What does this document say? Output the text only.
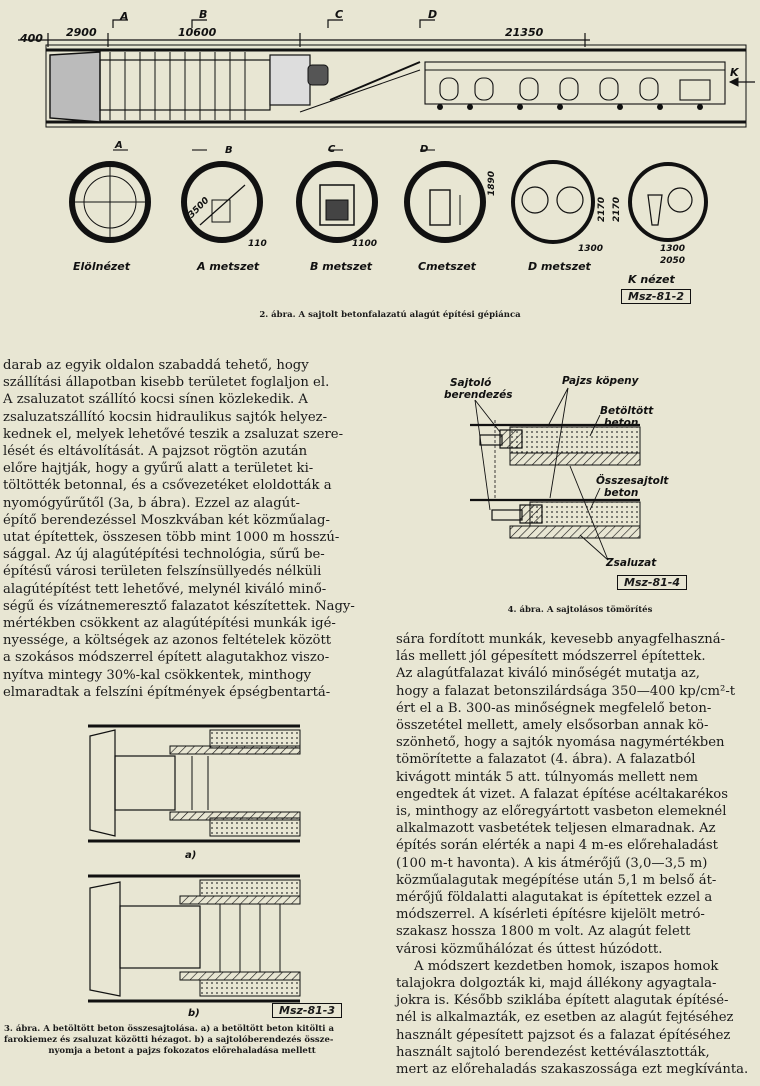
400 2900	10600	21350
A	B	C	D
K
A	B	C	D
3500
110	1100
1890
2170 2170
1300	1300
2050
Elölnézet	A metszet	B metszet	Cmetszet	D metszet
K nézet
Msz-81-2
2. ábra. A sajtolt betonfalazatú alagút építési gépiánca
darab az egyik oldalon szabaddá tehető, hogy
szállítási állapotban kisebb területet foglaljon el.
A zsaluzatot szállító kocsi sínen közlekedik. A
zsaluzatszállító kocsin hidraulikus sajtók helyez-
kednek el, melyek lehetővé teszik a zsaluzat szere-
lését és eltávolítását. A pajzsot rögtön azután
előre hajtják, hogy a gyűrű alatt a területet ki-
töltötték betonnal, és a csővezetéket eloldották a
nyomógyűrűtől (3a, b ábra). Ezzel az alagút-
építő berendezéssel Moszkvában két közműalag-
utat építettek, összesen több mint 1000 m hosszú-
sággal. Az új alagútépítési technológia, sűrű be-
építésű városi területen felszínsüllyedés nélküli
alagútépítést tett lehetővé, melynél kiváló minő-
ségű és vízátnemeresztő falazatot készítettek. Nagy-
mértékben csökkent az alagútépítési munkák igé-
nyessége, a költségek az azonos feltételek között
a szokásos módszerrel épített alagutakhoz viszo-
nyítva mintegy 30%-kal csökkentek, minthogy
elmaradtak a felszíni építmények épségbentartá-
Sajtoló
berendezés
Pajzs köpeny
Betöltött
beton
Összesajtolt
beton
Zsaluzat
Msz-81-4
4. ábra. A sajtolásos tömörítés
a)
b)	Msz-81-3
3. ábra. A betöltött beton összesajtolása. a) a betöltött beton kitölti a
farokiemez és zsaluzat közötti hézagot. b) a sajtolóberendezés össze-
nyomja a betont a pajzs fokozatos előrehaladása mellett
sára fordított munkák, kevesebb anyagfelhaszná-
lás mellett jól gépesített módszerrel építettek.
Az alagútfalazat kiváló minőségét mutatja az,
hogy a falazat betonszilárdsága 350—400 kp/cm²-t
ért el a B. 300-as minőségnek megfelelő beton-
összetétel mellett, amely elsősorban annak kö-
szönhető, hogy a sajtók nyomása nagymértékben
tömörítette a falazatot (4. ábra). A falazatból
kivágott minták 5 att. túlnyomás mellett nem
engedtek át vizet. A falazat építése acéltakarékos
is, minthogy az előregyártott vasbeton elemeknél
alkalmazott vasbetétek teljesen elmaradnak. Az
építés során elérték a napi 4 m-es előrehaladást
(100 m-t havonta). A kis átmérőjű (3,0—3,5 m)
közműalagutak megépítése után 5,1 m belső át-
mérőjű földalatti alagutakat is építettek ezzel a
módszerrel. A kísérleti építésre kijelölt metró-
szakasz hossza 1800 m volt. Az alagút felett
városi közműhálózat és úttest húzódott.
A módszert kezdetben homok, iszapos homok
talajokra dolgozták ki, majd állékony agyagtala-
jokra is. Később sziklába épített alagutak építésé-
nél is alkalmazták, ez esetben az alagút fejtéséhez
használt gépesített pajzsot és a falazat építéséhez
használt sajtoló berendezést kettéválasztották,
mert az előrehaladás szakaszossága ezt megkívánta.
